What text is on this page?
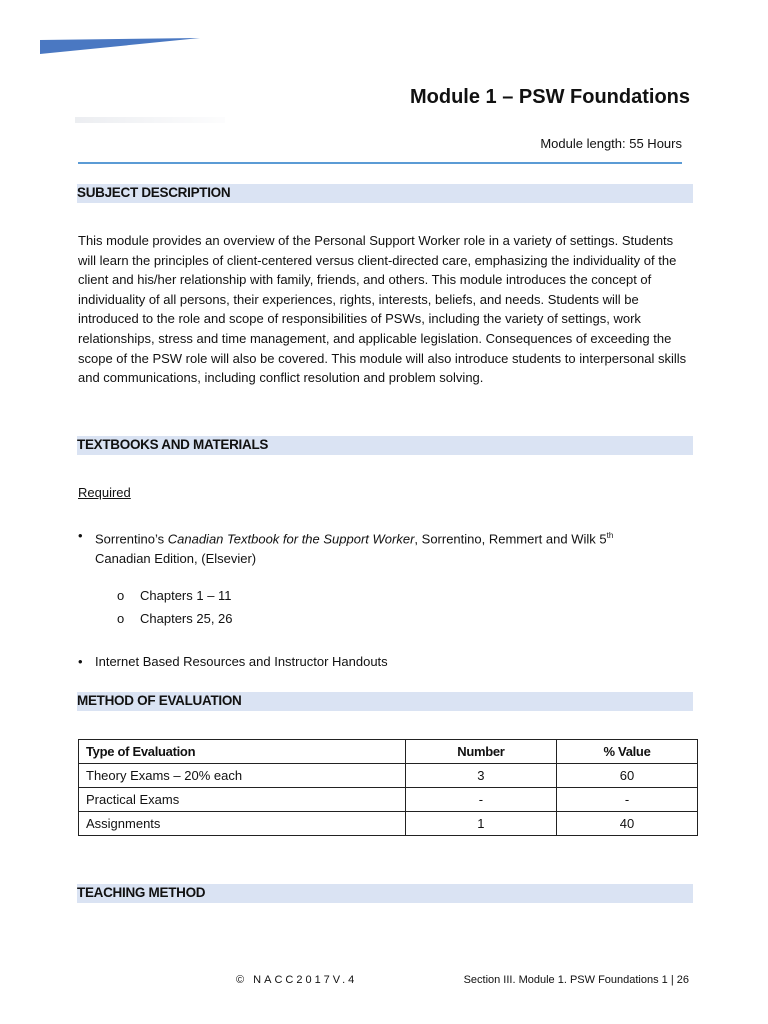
Module 1 – PSW Foundations
Module length: 55 Hours
SUBJECT DESCRIPTION

This module provides an overview of the Personal Support Worker role in a variety of settings. Students will learn the principles of client-centered versus client-directed care, emphasizing the individuality of the client and his/her relationship with family, friends, and others. This module introduces the concept of individuality of all persons, their experiences, rights, interests, beliefs, and needs. Students will be introduced to the role and scope of responsibilities of PSWs, including the variety of settings, work relationships, stress and time management, and applicable legislation. Consequences of exceeding the scope of the PSW role will also be covered. This module will also introduce students to interpersonal skills and communications, including conflict resolution and problem solving.

TEXTBOOKS AND MATERIALS
Required
• Sorrentino’s Canadian Textbook for the Support Worker, Sorrentino, Remmert and Wilk 5th Canadian Edition, (Elsevier)
o Chapters 1 – 11
o Chapters 25, 26
• Internet Based Resources and Instructor Handouts
METHOD OF EVALUATION
Type of Evaluation	Number	% Value
Theory Exams – 20% each	3	60
Practical Exams	-	-
Assignments	1	40
TEACHING METHOD
© NACC2017V.4	Section III. Module 1. PSW Foundations 1 | 26
